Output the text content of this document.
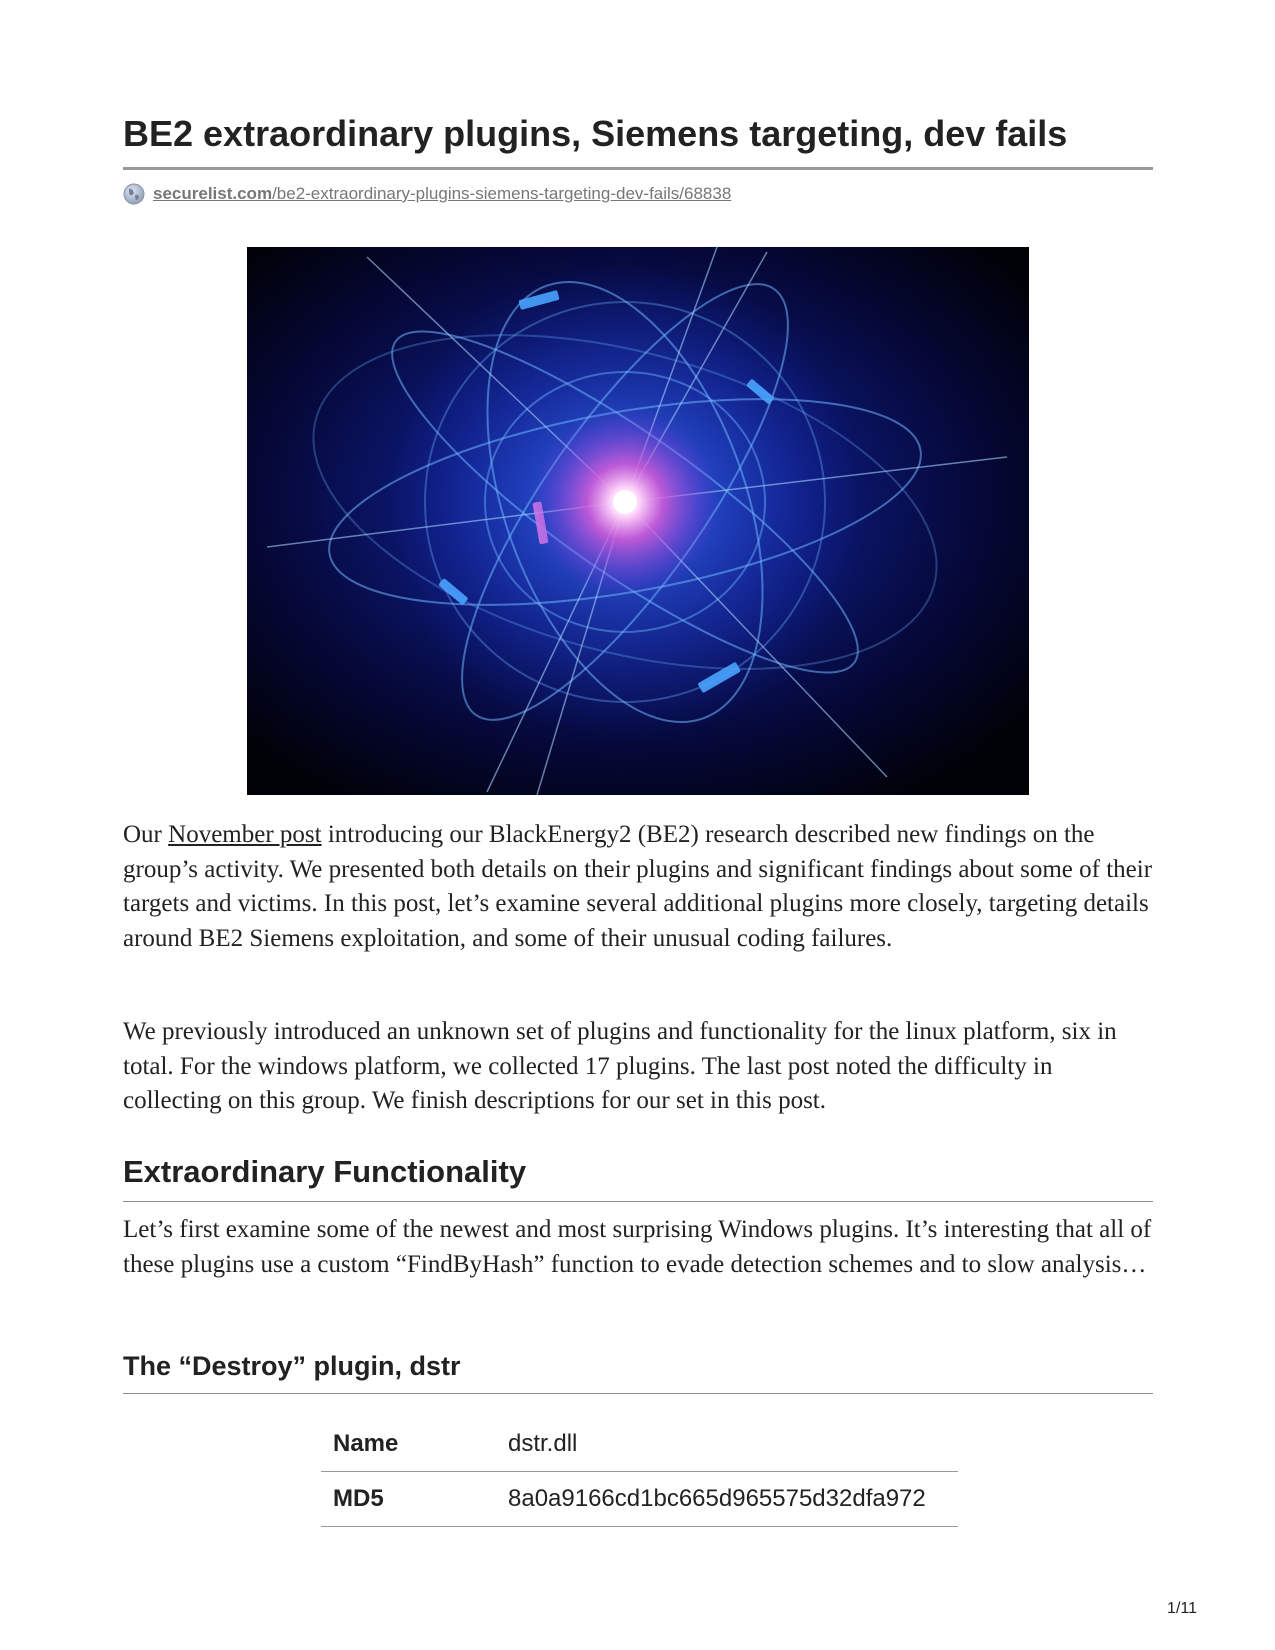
BE2 extraordinary plugins, Siemens targeting, dev fails
securelist.com/be2-extraordinary-plugins-siemens-targeting-dev-fails/68838

Our November post introducing our BlackEnergy2 (BE2) research described new findings on the group’s activity. We presented both details on their plugins and significant findings about some of their targets and victims. In this post, let’s examine several additional plugins more closely, targeting details around BE2 Siemens exploitation, and some of their unusual coding failures.

We previously introduced an unknown set of plugins and functionality for the linux platform, six in total. For the windows platform, we collected 17 plugins. The last post noted the difficulty in collecting on this group. We finish descriptions for our set in this post.

Extraordinary Functionality

Let’s first examine some of the newest and most surprising Windows plugins. It’s interesting that all of these plugins use a custom “FindByHash” function to evade detection schemes and to slow analysis…

The “Destroy” plugin, dstr
Name	dstr.dll
MD5	8a0a9166cd1bc665d965575d32dfa972
1/11
